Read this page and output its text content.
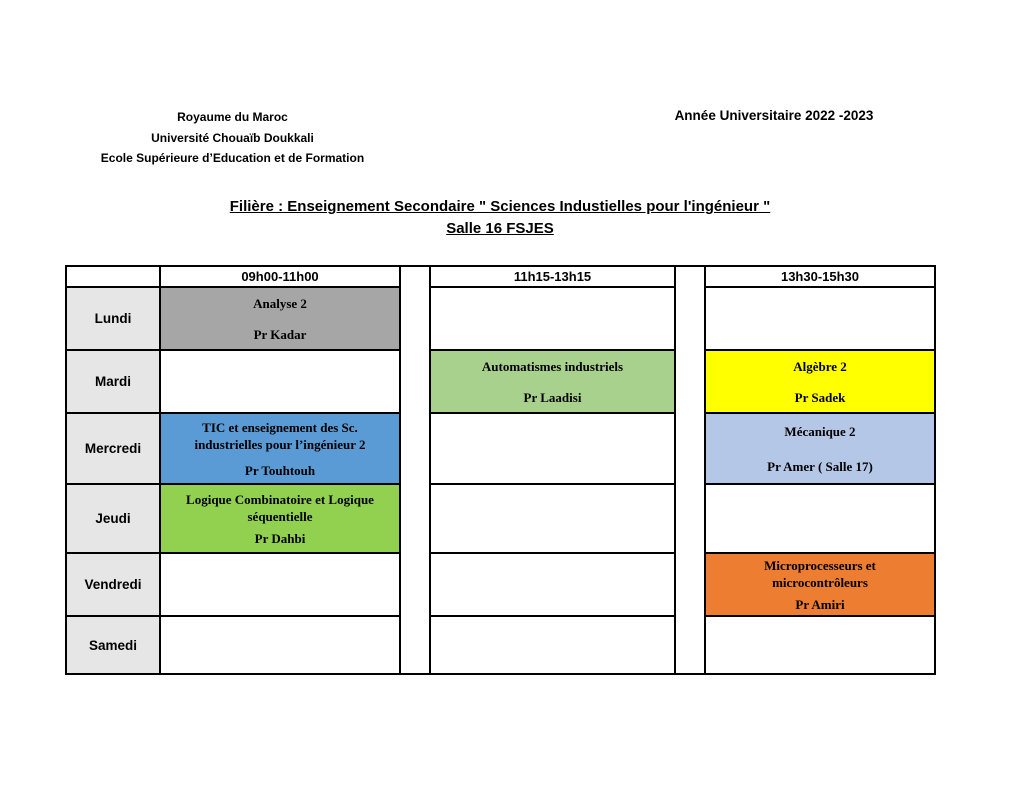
Royaume du Maroc
Université Chouaïb Doukkali
Ecole Supérieure d’Education et de Formation
Année Universitaire 2022 -2023
Filière : Enseignement Secondaire " Sciences Industielles pour l'ingénieur "
Salle 16 FSJES
	09h00-11h00		11h15-13h15		13h30-15h30
Lundi	Analyse 2
Pr Kadar				

Mardi			Automatismes industriels
Pr Laadisi		Algèbre 2
Pr Sadek

Mercredi	TIC et enseignement des Sc.
industrielles pour l’ingénieur 2
Pr Touhtouh				Mécanique 2
Pr Amer ( Salle 17)

Jeudi	Logique Combinatoire et Logique
séquentielle
Pr Dahbi				

Vendredi					Microprocesseurs et
microcontrôleurs
Pr Amiri

Samedi					
